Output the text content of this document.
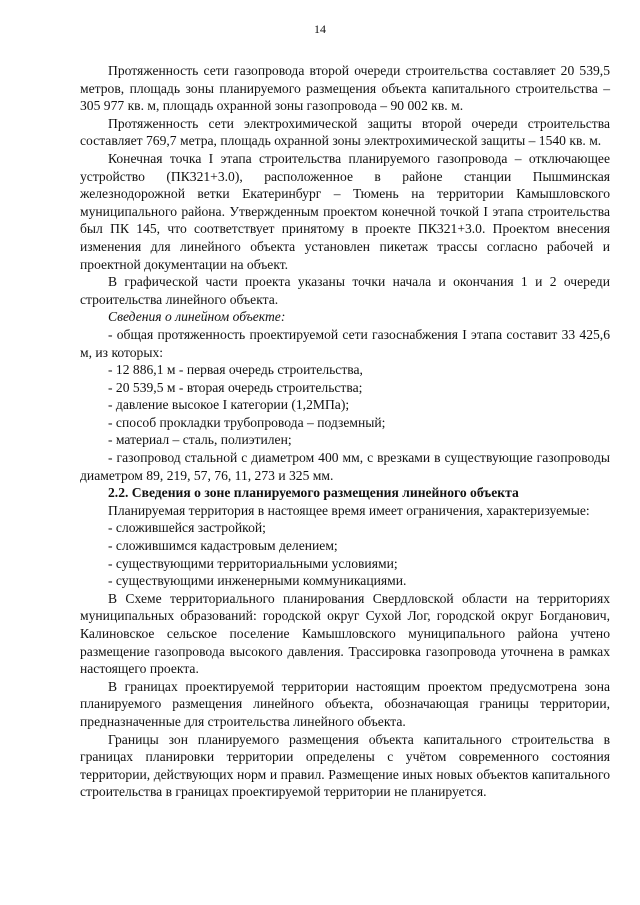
14

Протяженность сети газопровода второй очереди строительства составляет 20 539,5 метров, площадь зоны планируемого размещения объекта капитального строительства – 305 977 кв. м, площадь охранной зоны газопровода – 90 002 кв. м.

Протяженность сети электрохимической защиты второй очереди строительства составляет 769,7 метра, площадь охранной зоны электрохимической защиты – 1540 кв. м.

Конечная точка I этапа строительства планируемого газопровода – отключающее устройство (ПК321+3.0), расположенное в районе станции Пышминская железнодорожной ветки Екатеринбург – Тюмень на территории Камышловского муниципального района. Утвержденным проектом конечной точкой I этапа строительства был ПК 145, что соответствует принятому в проекте ПК321+3.0. Проектом внесения изменения для линейного объекта установлен пикетаж трассы согласно рабочей и проектной документации на объект.

В графической части проекта указаны точки начала и окончания 1 и 2 очереди строительства линейного объекта.

Сведения о линейном объекте:

- общая протяженность проектируемой сети газоснабжения I этапа составит 33 425,6 м, из которых:

- 12 886,1 м - первая очередь строительства,

- 20 539,5 м - вторая очередь строительства;

- давление высокое I категории (1,2МПа);

- способ прокладки трубопровода – подземный;

- материал – сталь, полиэтилен;

- газопровод стальной с диаметром 400 мм, с врезками в существующие газопроводы диаметром 89, 219, 57, 76, 11, 273 и 325 мм.

2.2. Сведения о зоне планируемого размещения линейного объекта

Планируемая территория в настоящее время имеет ограничения, характеризуемые:

- сложившейся застройкой;

- сложившимся кадастровым делением;

- существующими территориальными условиями;

- существующими инженерными коммуникациями.

В Схеме территориального планирования Свердловской области на территориях муниципальных образований: городской округ Сухой Лог, городской округ Богданович, Калиновское сельское поселение Камышловского муниципального района учтено размещение газопровода высокого давления. Трассировка газопровода уточнена в рамках настоящего проекта.

В границах проектируемой территории настоящим проектом предусмотрена зона планируемого размещения линейного объекта, обозначающая границы территории, предназначенные для строительства линейного объекта.

Границы зон планируемого размещения объекта капитального строительства в границах планировки территории определены с учётом современного состояния территории, действующих норм и правил. Размещение иных новых объектов капитального строительства в границах проектируемой территории не планируется.
